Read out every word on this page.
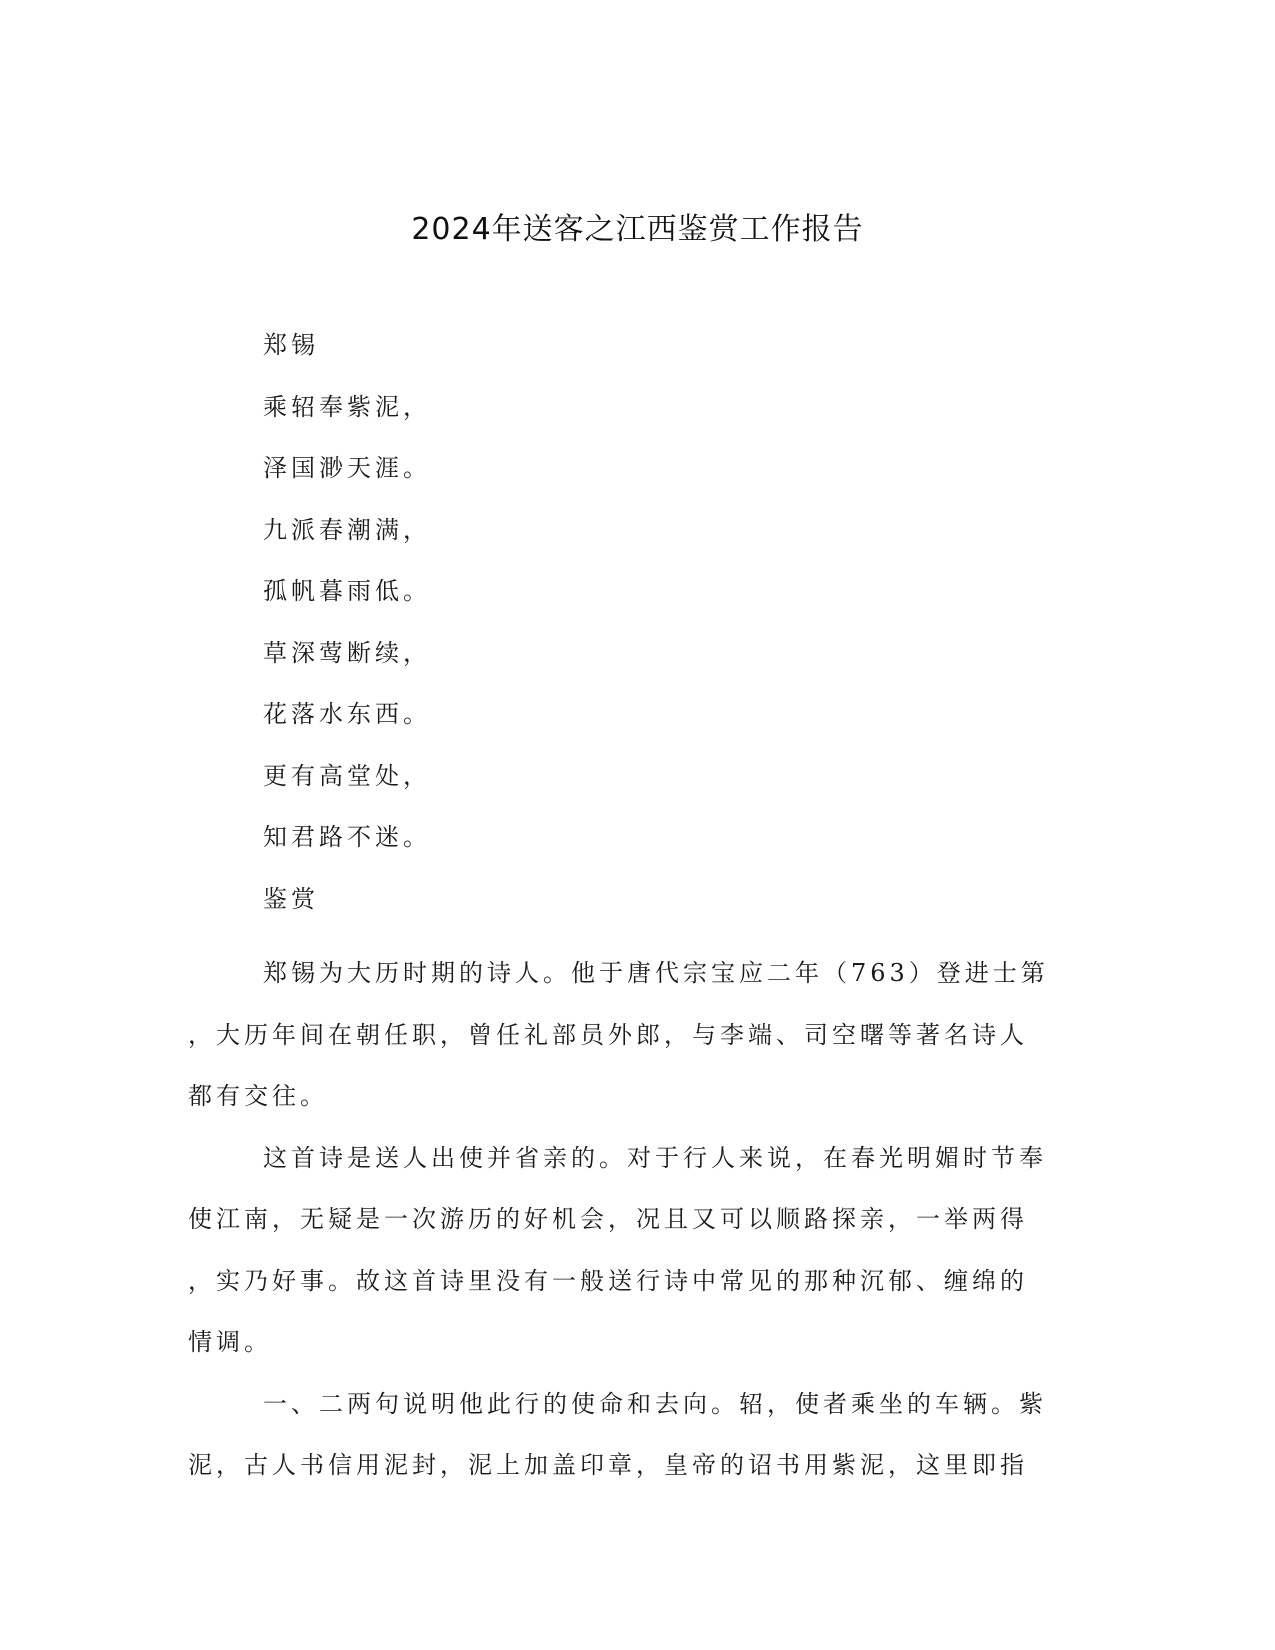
2024年送客之江西鉴赏工作报告
郑锡
乘轺奉紫泥，
泽国渺天涯。
九派春潮满，
孤帆暮雨低。
草深莺断续，
花落水东西。
更有高堂处，
知君路不迷。
鉴赏
郑锡为大历时期的诗人。他于唐代宗宝应二年（763）登进士第
，大历年间在朝任职，曾任礼部员外郎，与李端、司空曙等著名诗人
都有交往。
这首诗是送人出使并省亲的。对于行人来说，在春光明媚时节奉
使江南，无疑是一次游历的好机会，况且又可以顺路探亲，一举两得
，实乃好事。故这首诗里没有一般送行诗中常见的那种沉郁、缠绵的
情调。
一、二两句说明他此行的使命和去向。轺，使者乘坐的车辆。紫
泥，古人书信用泥封，泥上加盖印章，皇帝的诏书用紫泥，这里即指
